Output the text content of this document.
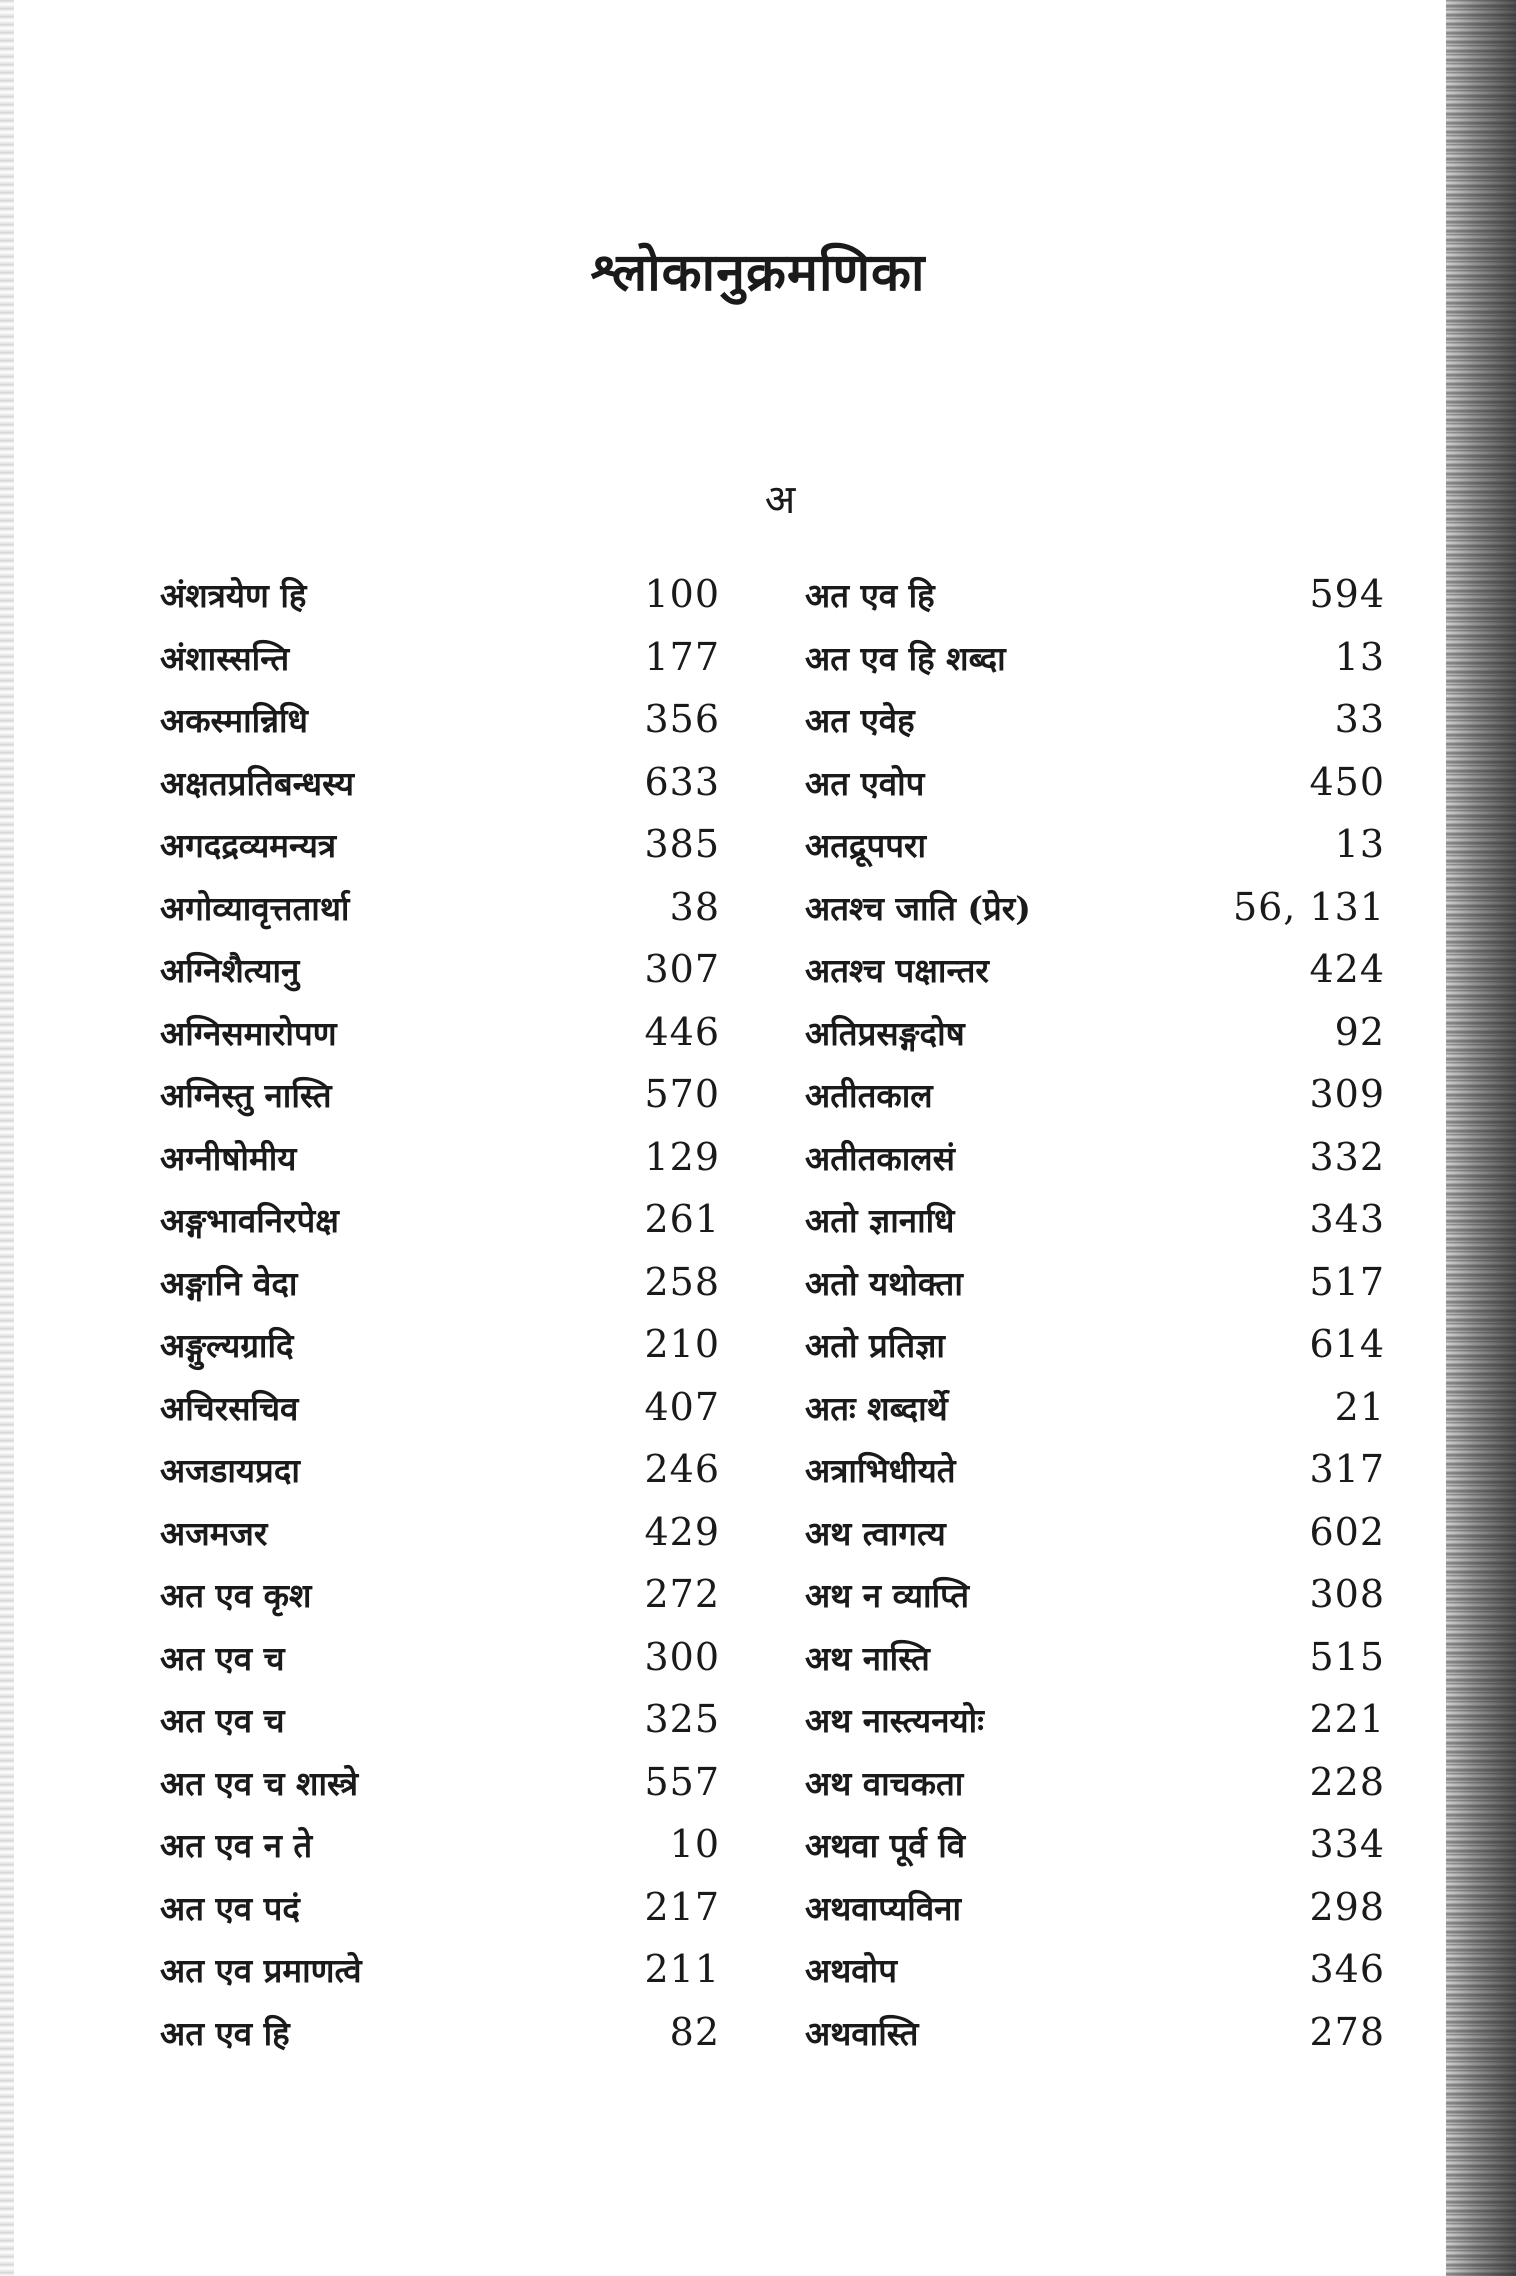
श्लोकानुक्रमणिका
अ
अंशत्रयेण हि	100
अंशास्सन्ति	177
अकस्मान्निधि	356
अक्षतप्रतिबन्धस्य	633
अगदद्रव्यमन्यत्र	385
अगोव्यावृत्ततार्था	38
अग्निशैत्यानु	307
अग्निसमारोपण	446
अग्निस्तु नास्ति	570
अग्नीषोमीय	129
अङ्गभावनिरपेक्ष	261
अङ्गानि वेदा	258
अङ्गुल्यग्रादि	210
अचिरसचिव	407
अजडायप्रदा	246
अजमजर	429
अत एव कृश	272
अत एव च	300
अत एव च	325
अत एव च शास्त्रे	557
अत एव न ते	10
अत एव पदं	217
अत एव प्रमाणत्वे	211
अत एव हि	82
अत एव हि	594
अत एव हि शब्दा	13
अत एवेह	33
अत एवोप	450
अतद्रूपपरा	13
अतश्च जाति (प्रेर)	56, 131
अतश्च पक्षान्तर	424
अतिप्रसङ्गदोष	92
अतीतकाल	309
अतीतकालसं	332
अतो ज्ञानाधि	343
अतो यथोक्ता	517
अतो प्रतिज्ञा	614
अतः शब्दार्थे	21
अत्राभिधीयते	317
अथ त्वागत्य	602
अथ न व्याप्ति	308
अथ नास्ति	515
अथ नास्त्यनयोः	221
अथ वाचकता	228
अथवा पूर्व वि	334
अथवाप्यविना	298
अथवोप	346
अथवास्ति	278
